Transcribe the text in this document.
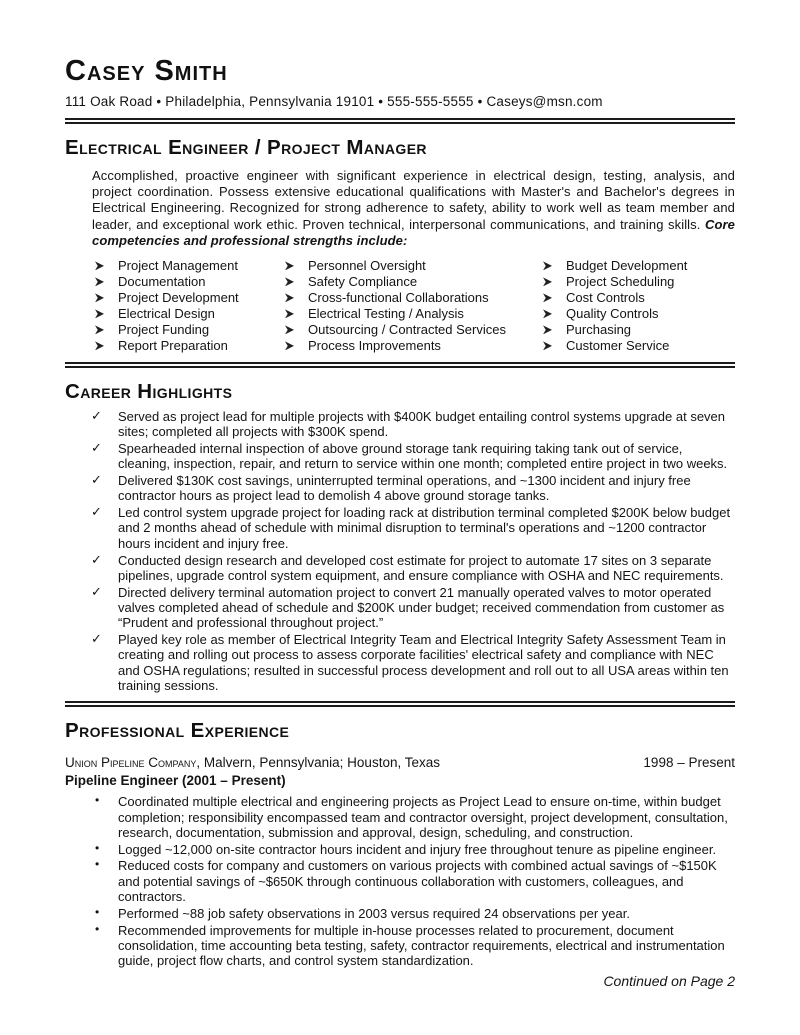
Casey Smith
111 Oak Road • Philadelphia, Pennsylvania 19101 • 555-555-5555 • Caseys@msn.com
Electrical Engineer / Project Manager

Accomplished, proactive engineer with significant experience in electrical design, testing, analysis, and project coordination. Possess extensive educational qualifications with Master's and Bachelor's degrees in Electrical Engineering. Recognized for strong adherence to safety, ability to work well as team member and leader, and exceptional work ethic. Proven technical, interpersonal communications, and training skills. Core competencies and professional strengths include:

Project Management
Documentation
Project Development
Electrical Design
Project Funding
Report Preparation
Personnel Oversight
Safety Compliance
Cross-functional Collaborations
Electrical Testing / Analysis
Outsourcing / Contracted Services
Process Improvements
Budget Development
Project Scheduling
Cost Controls
Quality Controls
Purchasing
Customer Service
Career Highlights
✓ Served as project lead for multiple projects with $400K budget entailing control systems upgrade at seven sites; completed all projects with $300K spend.
✓ Spearheaded internal inspection of above ground storage tank requiring taking tank out of service, cleaning, inspection, repair, and return to service within one month; completed entire project in two weeks.
✓ Delivered $130K cost savings, uninterrupted terminal operations, and ~1300 incident and injury free contractor hours as project lead to demolish 4 above ground storage tanks.
✓ Led control system upgrade project for loading rack at distribution terminal completed $200K below budget and 2 months ahead of schedule with minimal disruption to terminal's operations and ~1200 contractor hours incident and injury free.
✓ Conducted design research and developed cost estimate for project to automate 17 sites on 3 separate pipelines, upgrade control system equipment, and ensure compliance with OSHA and NEC requirements.
✓ Directed delivery terminal automation project to convert 21 manually operated valves to motor operated valves completed ahead of schedule and $200K under budget; received commendation from customer as “Prudent and professional throughout project.”
✓ Played key role as member of Electrical Integrity Team and Electrical Integrity Safety Assessment Team in creating and rolling out process to assess corporate facilities' electrical safety and compliance with NEC and OSHA regulations; resulted in successful process development and roll out to all USA areas within ten training sessions.
Professional Experience
Union Pipeline Company, Malvern, Pennsylvania; Houston, Texas	1998 – Present
Pipeline Engineer (2001 – Present)
• Coordinated multiple electrical and engineering projects as Project Lead to ensure on-time, within budget completion; responsibility encompassed team and contractor oversight, project development, consultation, research, documentation, submission and approval, design, scheduling, and construction.
• Logged ~12,000 on-site contractor hours incident and injury free throughout tenure as pipeline engineer.
• Reduced costs for company and customers on various projects with combined actual savings of ~$150K and potential savings of ~$650K through continuous collaboration with customers, colleagues, and contractors.
• Performed ~88 job safety observations in 2003 versus required 24 observations per year.
• Recommended improvements for multiple in-house processes related to procurement, document consolidation, time accounting beta testing, safety, contractor requirements, electrical and instrumentation guide, project flow charts, and control system standardization.
Continued on Page 2
